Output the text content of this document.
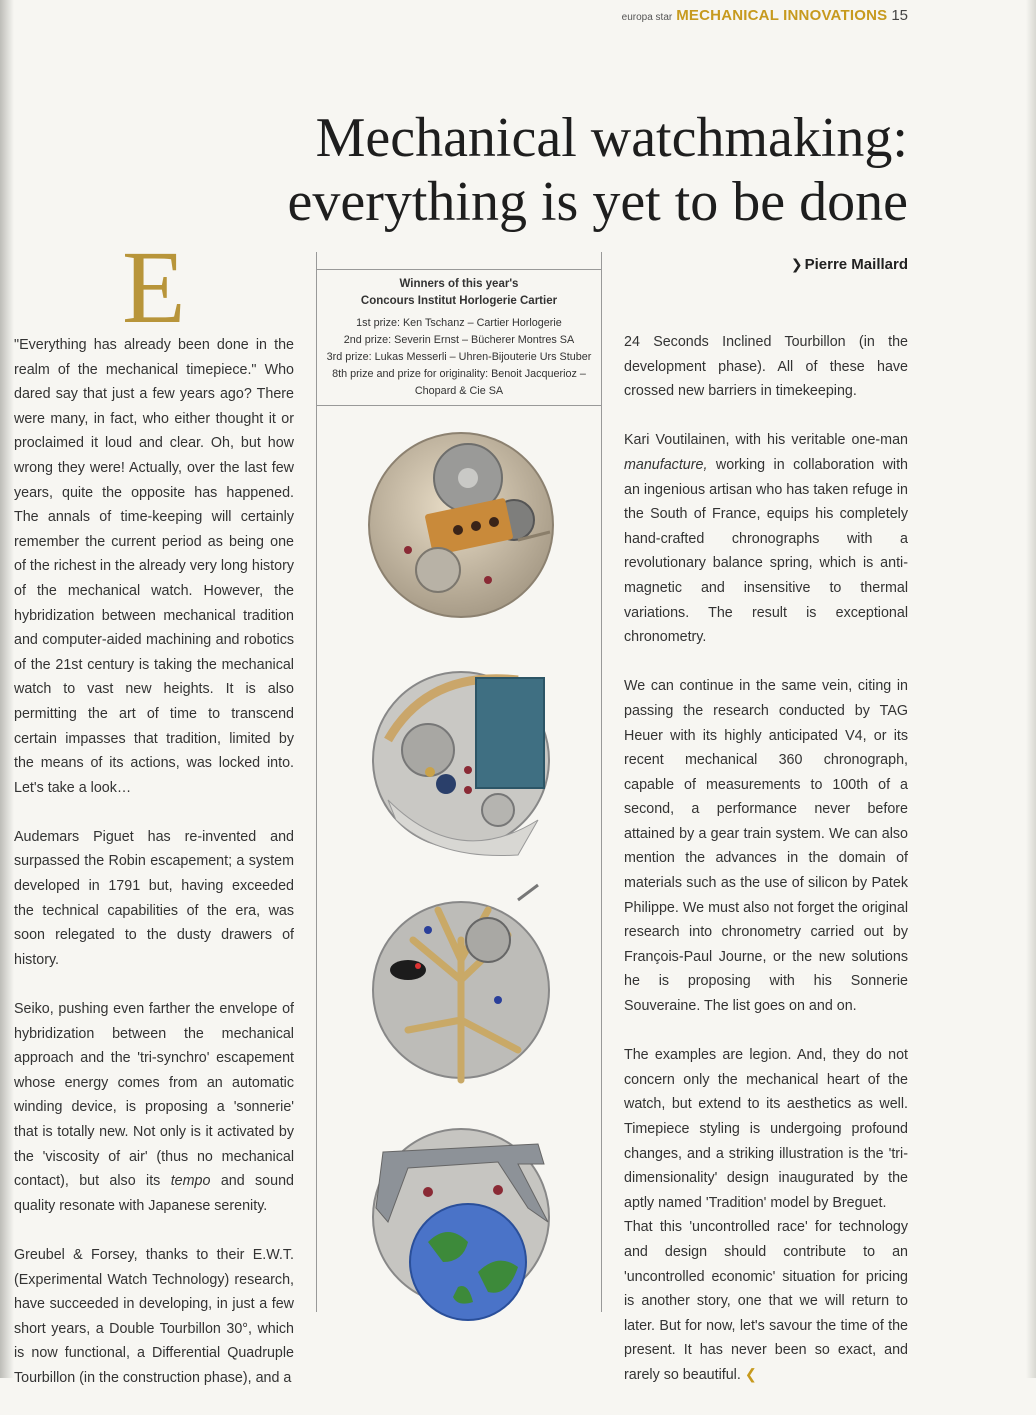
europa star MECHANICAL INNOVATIONS 15
Mechanical watchmaking:
everything is yet to be done
❯ Pierre Maillard
E

"Everything has already been done in the realm of the mechanical timepiece." Who dared say that just a few years ago? There were many, in fact, who either thought it or proclaimed it loud and clear. Oh, but how wrong they were! Actually, over the last few years, quite the opposite has happened. The annals of time-keeping will certainly remember the current period as being one of the richest in the already very long history of the mechanical watch. However, the hybridization between mechanical tradition and computer-aided machining and robotics of the 21st century is taking the mechanical watch to vast new heights. It is also permitting the art of time to transcend certain impasses that tradition, limited by the means of its actions, was locked into. Let's take a look…

Audemars Piguet has re-invented and surpassed the Robin escapement; a system developed in 1791 but, having exceeded the technical capabilities of the era, was soon relegated to the dusty drawers of history.

Seiko, pushing even farther the envelope of hybridization between the mechanical approach and the 'tri-synchro' escapement whose energy comes from an automatic winding device, is proposing a 'sonnerie' that is totally new. Not only is it activated by the 'viscosity of air' (thus no mechanical contact), but also its tempo and sound quality resonate with Japanese serenity.

Greubel & Forsey, thanks to their E.W.T. (Experimental Watch Technology) research, have succeeded in developing, in just a few short years, a Double Tourbillon 30°, which is now functional, a Differential Quadruple Tourbillon (in the construction phase), and a

Winners of this year's
Concours Institut Horlogerie Cartier
1st prize: Ken Tschanz – Cartier Horlogerie
2nd prize: Severin Ernst – Bücherer Montres SA
3rd prize: Lukas Messerli – Uhren-Bijouterie Urs Stuber
8th prize and prize for originality: Benoit Jacquerioz – Chopard & Cie SA

24 Seconds Inclined Tourbillon (in the development phase). All of these have crossed new barriers in timekeeping.

Kari Voutilainen, with his veritable one-man manufacture, working in collaboration with an ingenious artisan who has taken refuge in the South of France, equips his completely hand-crafted chronographs with a revolutionary balance spring, which is anti-magnetic and insensitive to thermal variations. The result is exceptional chronometry.

We can continue in the same vein, citing in passing the research conducted by TAG Heuer with its highly anticipated V4, or its recent mechanical 360 chronograph, capable of measurements to 100th of a second, a performance never before attained by a gear train system. We can also mention the advances in the domain of materials such as the use of silicon by Patek Philippe. We must also not forget the original research into chronometry carried out by François-Paul Journe, or the new solutions he is proposing with his Sonnerie Souveraine. The list goes on and on.

The examples are legion. And, they do not concern only the mechanical heart of the watch, but extend to its aesthetics as well. Timepiece styling is undergoing profound changes, and a striking illustration is the 'tri-dimensionality' design inaugurated by the aptly named 'Tradition' model by Breguet.

That this 'uncontrolled race' for technology and design should contribute to an 'uncontrolled economic' situation for pricing is another story, one that we will return to later. But for now, let's savour the time of the present. It has never been so exact, and rarely so beautiful. ❮
